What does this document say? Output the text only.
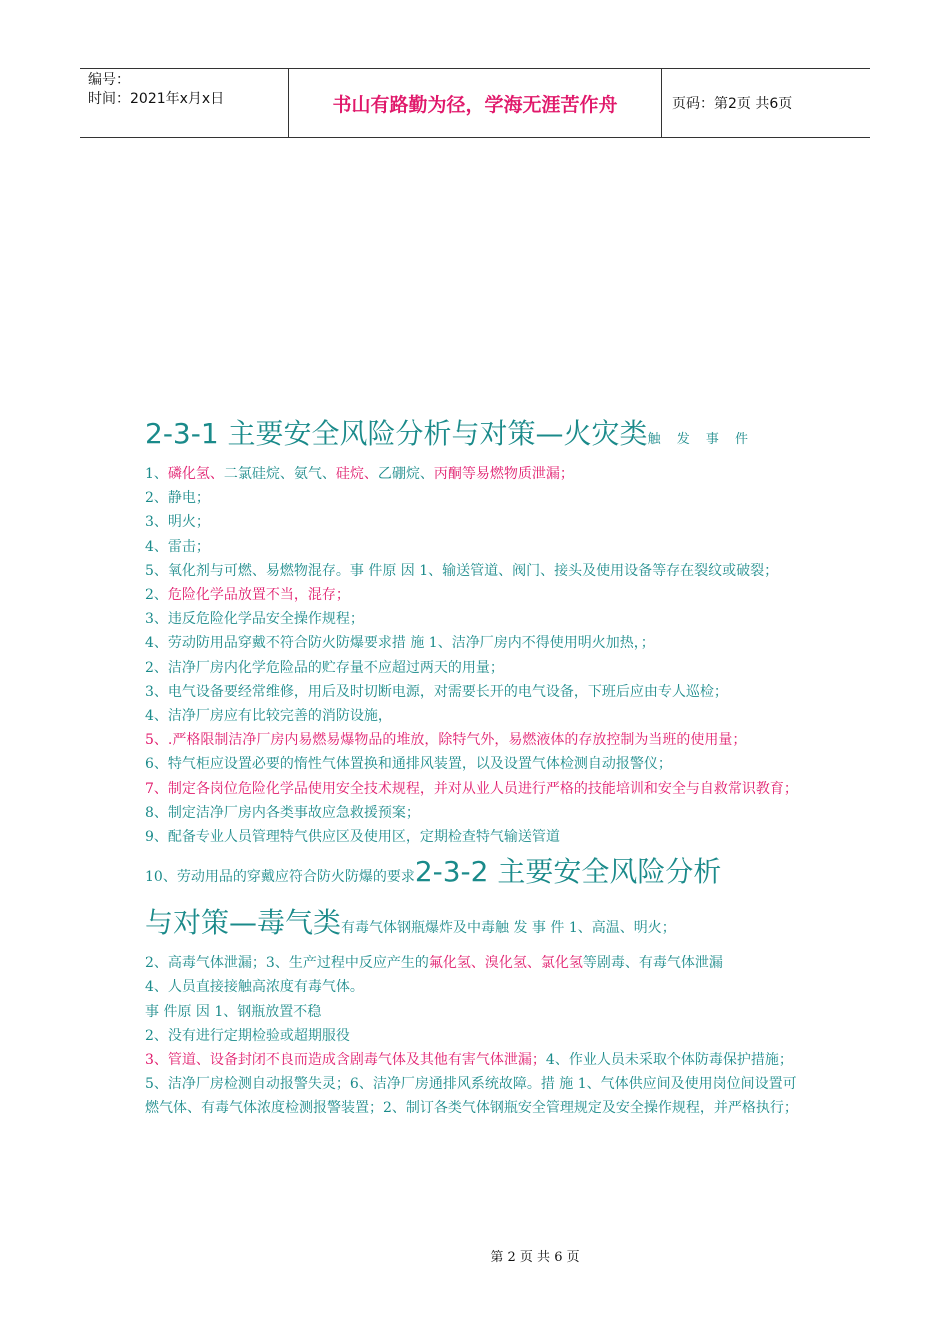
编号：
时间：2021年x月x日	书山有路勤为径，学海无涯苦作舟	页码：第2页 共6页

2-3-1 主要安全风险分析与对策—火灾类触 发 事 件

1、磷化氢、二氯硅烷、氨气、硅烷、乙硼烷、丙酮等易燃物质泄漏；

2、静电；

3、明火；

4、雷击；

5、氧化剂与可燃、易燃物混存。事 件原 因 1、输送管道、阀门、接头及使用设备等存在裂纹或破裂；

2、危险化学品放置不当，混存；

3、违反危险化学品安全操作规程；

4、劳动防用品穿戴不符合防火防爆要求措 施 1、洁净厂房内不得使用明火加热，；

2、洁净厂房内化学危险品的贮存量不应超过两天的用量；

3、电气设备要经常维修，用后及时切断电源，对需要长开的电气设备，下班后应由专人巡检；

4、洁净厂房应有比较完善的消防设施，

5、.严格限制洁净厂房内易燃易爆物品的堆放，除特气外，易燃液体的存放控制为当班的使用量；

6、特气柜应设置必要的惰性气体置换和通排风装置，以及设置气体检测自动报警仪；

7、制定各岗位危险化学品使用安全技术规程，并对从业人员进行严格的技能培训和安全与自救常识教育；

8、制定洁净厂房内各类事故应急救援预案；

9、配备专业人员管理特气供应区及使用区，定期检查特气输送管道

10、劳动用品的穿戴应符合防火防爆的要求2-3-2 主要安全风险分析
与对策—毒气类有毒气体钢瓶爆炸及中毒触 发 事 件 1、高温、明火；

2、高毒气体泄漏；3、生产过程中反应产生的氟化氢、溴化氢、氯化氢等剧毒、有毒气体泄漏

4、人员直接接触高浓度有毒气体。

事 件原 因 1、钢瓶放置不稳

2、没有进行定期检验或超期服役

3、管道、设备封闭不良而造成含剧毒气体及其他有害气体泄漏；4、作业人员未采取个体防毒保护措施；5、洁净厂房检测自动报警失灵；6、洁净厂房通排风系统故障。措 施 1、气体供应间及使用岗位间设置可燃气体、有毒气体浓度检测报警装置；2、制订各类气体钢瓶安全管理规定及安全操作规程，并严格执行；

第 2 页 共 6 页
